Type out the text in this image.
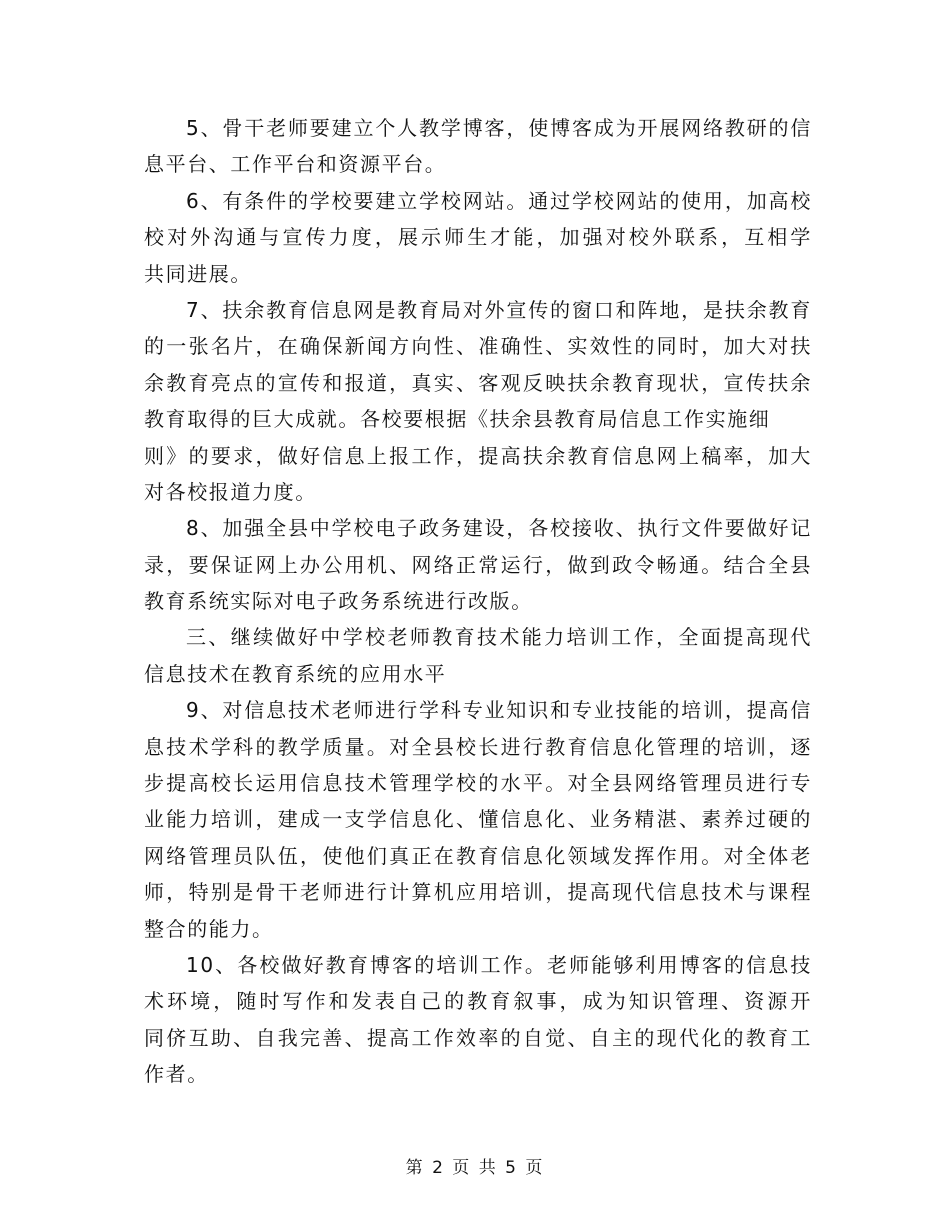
5、骨干老师要建立个人教学博客，使博客成为开展网络教研的信
息平台、工作平台和资源平台。
6、有条件的学校要建立学校网站。通过学校网站的使用，加高校
校对外沟通与宣传力度，展示师生才能，加强对校外联系，互相学
共同进展。
7、扶余教育信息网是教育局对外宣传的窗口和阵地，是扶余教育
的一张名片，在确保新闻方向性、准确性、实效性的同时，加大对扶
余教育亮点的宣传和报道，真实、客观反映扶余教育现状，宣传扶余
教育取得的巨大成就。各校要根据《扶余县教育局信息工作实施细
则》的要求，做好信息上报工作，提高扶余教育信息网上稿率，加大
对各校报道力度。
8、加强全县中学校电子政务建设，各校接收、执行文件要做好记
录，要保证网上办公用机、网络正常运行，做到政令畅通。结合全县
教育系统实际对电子政务系统进行改版。
三、继续做好中学校老师教育技术能力培训工作，全面提高现代
信息技术在教育系统的应用水平
9、对信息技术老师进行学科专业知识和专业技能的培训，提高信
息技术学科的教学质量。对全县校长进行教育信息化管理的培训，逐
步提高校长运用信息技术管理学校的水平。对全县网络管理员进行专
业能力培训，建成一支学信息化、懂信息化、业务精湛、素养过硬的
网络管理员队伍，使他们真正在教育信息化领域发挥作用。对全体老
师，特别是骨干老师进行计算机应用培训，提高现代信息技术与课程
整合的能力。
10、各校做好教育博客的培训工作。老师能够利用博客的信息技
术环境，随时写作和发表自己的教育叙事，成为知识管理、资源开
同侪互助、自我完善、提高工作效率的自觉、自主的现代化的教育工
作者。
第 2 页 共 5 页
